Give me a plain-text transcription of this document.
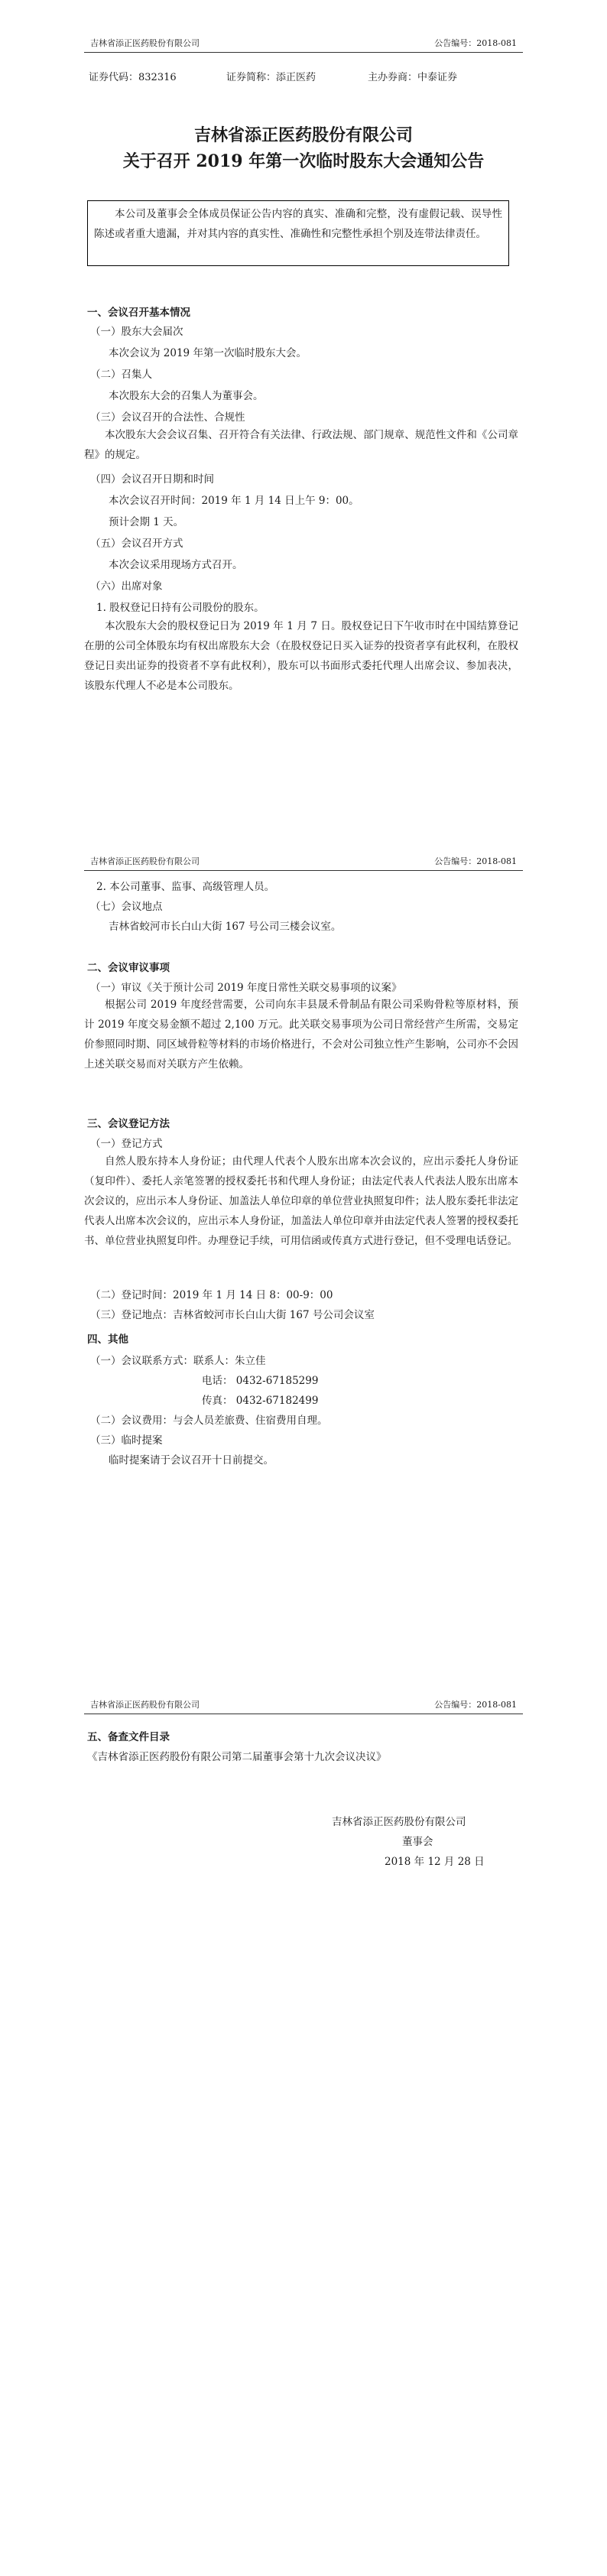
吉林省添正医药股份有限公司	公告编号：2018-081
证券代码：832316	证券简称：添正医药	主办券商：中泰证券
吉林省添正医药股份有限公司
关于召开 2019 年第一次临时股东大会通知公告

本公司及董事会全体成员保证公告内容的真实、准确和完整，没有虚假记载、误导性陈述或者重大遗漏，并对其内容的真实性、准确性和完整性承担个别及连带法律责任。

一、会议召开基本情况
（一）股东大会届次
本次会议为 2019 年第一次临时股东大会。
（二）召集人
本次股东大会的召集人为董事会。
（三）会议召开的合法性、合规性

本次股东大会会议召集、召开符合有关法律、行政法规、部门规章、规范性文件和《公司章程》的规定。

（四）会议召开日期和时间
本次会议召开时间：2019 年 1 月 14 日上午 9：00。
预计会期 1 天。
（五）会议召开方式
本次会议采用现场方式召开。
（六）出席对象
1. 股权登记日持有公司股份的股东。

本次股东大会的股权登记日为 2019 年 1 月 7 日。股权登记日下午收市时在中国结算登记在册的公司全体股东均有权出席股东大会（在股权登记日买入证券的投资者享有此权利，在股权登记日卖出证券的投资者不享有此权利），股东可以书面形式委托代理人出席会议、参加表决，该股东代理人不必是本公司股东。

吉林省添正医药股份有限公司	公告编号：2018-081
2. 本公司董事、监事、高级管理人员。
（七）会议地点
吉林省蛟河市长白山大街 167 号公司三楼会议室。
二、会议审议事项
（一）审议《关于预计公司 2019 年度日常性关联交易事项的议案》

根据公司 2019 年度经营需要，公司向东丰县晟禾骨制品有限公司采购骨粒等原材料，预计 2019 年度交易金额不超过 2,100 万元。此关联交易事项为公司日常经营产生所需，交易定价参照同时期、同区域骨粒等材料的市场价格进行，不会对公司独立性产生影响，公司亦不会因上述关联交易而对关联方产生依赖。

三、会议登记方法
（一）登记方式

自然人股东持本人身份证；由代理人代表个人股东出席本次会议的，应出示委托人身份证（复印件）、委托人亲笔签署的授权委托书和代理人身份证；由法定代表人代表法人股东出席本次会议的，应出示本人身份证、加盖法人单位印章的单位营业执照复印件；法人股东委托非法定代表人出席本次会议的，应出示本人身份证，加盖法人单位印章并由法定代表人签署的授权委托书、单位营业执照复印件。办理登记手续，可用信函或传真方式进行登记，但不受理电话登记。

（二）登记时间：2019 年 1 月 14 日 8：00-9：00
（三）登记地点：吉林省蛟河市长白山大街 167 号公司会议室
四、其他
（一）会议联系方式：联系人：朱立佳
电话： 0432-67185299
传真： 0432-67182499
（二）会议费用：与会人员差旅费、住宿费用自理。
（三）临时提案
临时提案请于会议召开十日前提交。
吉林省添正医药股份有限公司	公告编号：2018-081
五、备查文件目录
《吉林省添正医药股份有限公司第二届董事会第十九次会议决议》
吉林省添正医药股份有限公司
董事会
2018 年 12 月 28 日
